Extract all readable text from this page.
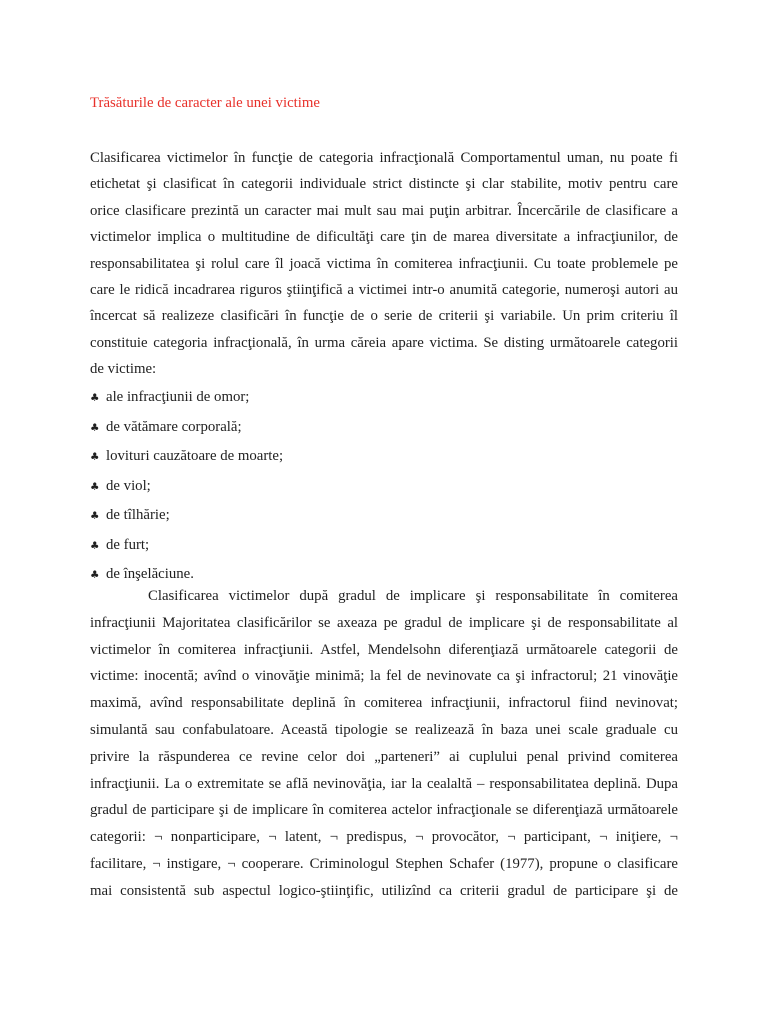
Trăsăturile de caracter ale unei victime
Clasificarea victimelor în funcţie de categoria infracţională Comportamentul uman, nu poate fi
etichetat şi clasificat în categorii individuale strict distincte şi clar stabilite, motiv pentru care
orice clasificare prezintă un caracter mai mult sau mai puţin arbitrar. Încercările de clasificare a
victimelor implica o multitudine de dificultăţi care ţin de marea diversitate a infracţiunilor, de
responsabilitatea şi rolul care îl joacă victima în comiterea infracţiunii. Cu toate problemele pe
care le ridică incadrarea riguros ştiinţifică a victimei intr-o anumită categorie, numeroşi autori au
încercat să realizeze clasificări în funcţie de o serie de criterii şi variabile. Un prim criteriu îl
constituie categoria infracţională, în urma căreia apare victima. Se disting următoarele categorii
de victime:
♣ ale infracţiunii de omor;
♣ de vătămare corporală;
♣ lovituri cauzătoare de moarte;
♣ de viol;
♣ de tîlhărie;
♣ de furt;
♣ de înşelăciune.
Clasificarea victimelor după gradul de implicare şi responsabilitate în comiterea
infracţiunii Majoritatea clasificărilor se axeaza pe gradul de implicare şi de responsabilitate al
victimelor în comiterea infracţiunii. Astfel, Mendelsohn diferenţiază următoarele categorii de
victime: inocentă; avînd o vinovăţie minimă; la fel de nevinovate ca şi infractorul; 21 vinovăţie
maximă, avînd responsabilitate deplină în comiterea infracţiunii, infractorul fiind nevinovat;
simulantă sau confabulatoare. Această tipologie se realizează în baza unei scale graduale cu
privire la răspunderea ce revine celor doi „parteneri” ai cuplului penal privind comiterea
infracţiunii. La o extremitate se află nevinovăţia, iar la cealaltă – responsabilitatea deplină. Dupa
gradul de participare şi de implicare în comiterea actelor infracţionale se diferenţiază următoarele
categorii: ¬ nonparticipare, ¬ latent, ¬ predispus, ¬ provocător, ¬ participant, ¬ iniţiere, ¬
facilitare, ¬ instigare, ¬ cooperare. Criminologul Stephen Schafer (1977), propune o clasificare
mai consistentă sub aspectul logico-ştiinţific, utilizînd ca criterii gradul de participare şi de
